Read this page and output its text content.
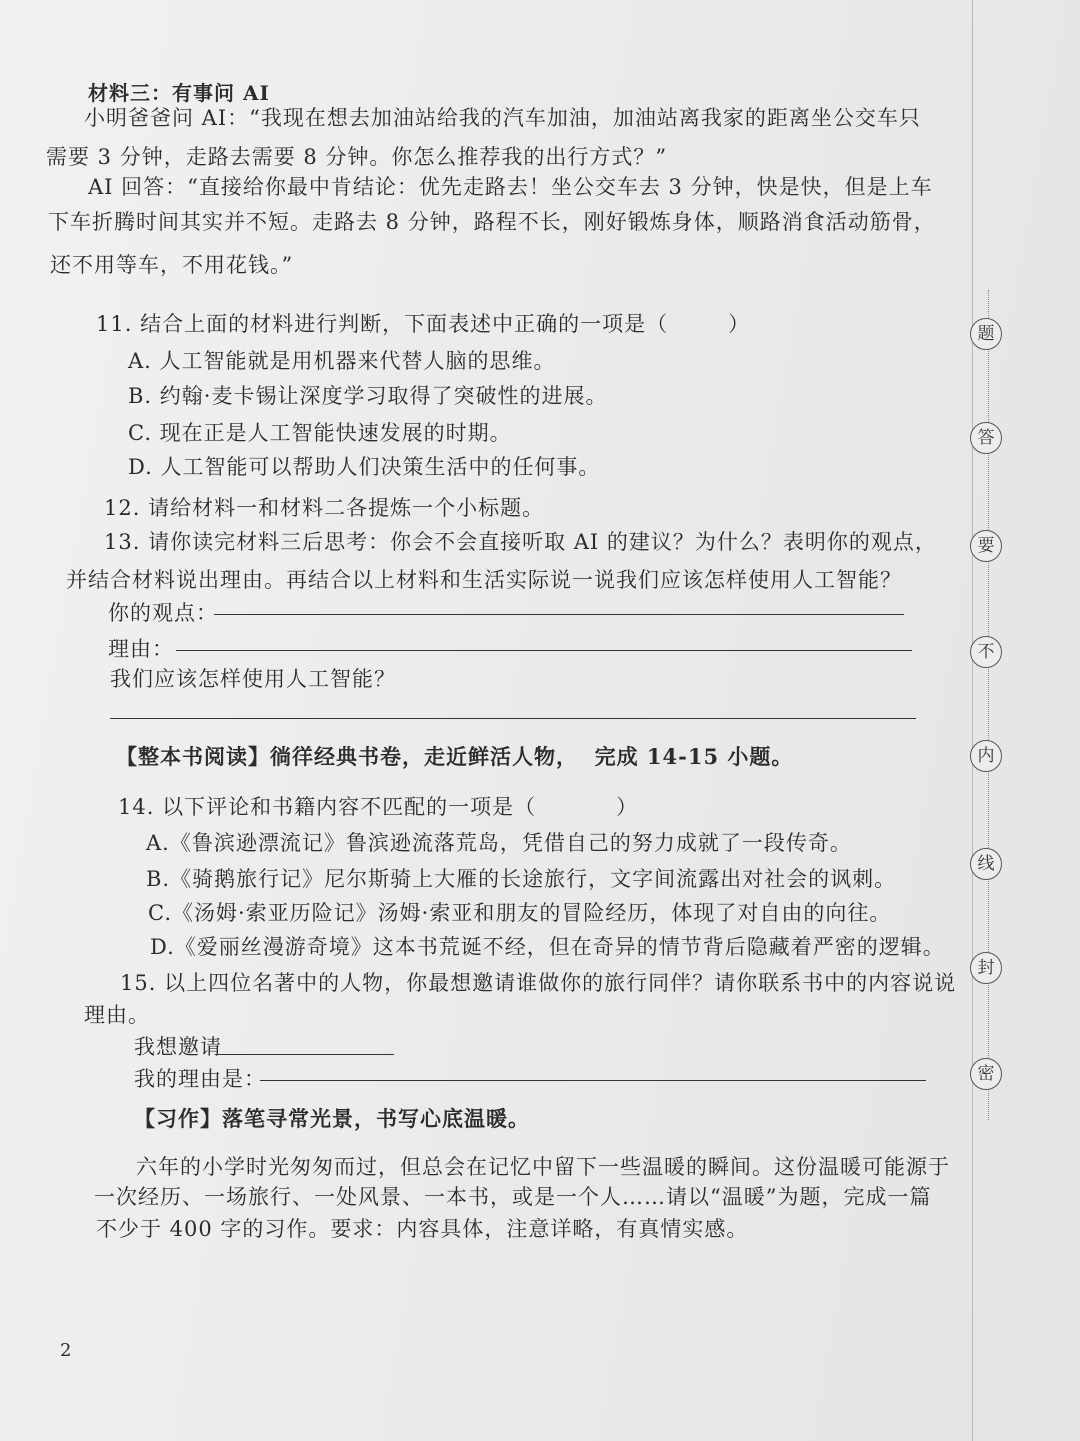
材料三：有事问 AI
小明爸爸问 AI：“我现在想去加油站给我的汽车加油，加油站离我家的距离坐公交车只
需要 3 分钟，走路去需要 8 分钟。你怎么推荐我的出行方式？”
AI 回答：“直接给你最中肯结论：优先走路去！坐公交车去 3 分钟，快是快，但是上车
下车折腾时间其实并不短。走路去 8 分钟，路程不长，刚好锻炼身体，顺路消食活动筋骨，
还不用等车，不用花钱。”
11. 结合上面的材料进行判断，下面表述中正确的一项是（	）
A. 人工智能就是用机器来代替人脑的思维。
B. 约翰·麦卡锡让深度学习取得了突破性的进展。
C. 现在正是人工智能快速发展的时期。
D. 人工智能可以帮助人们决策生活中的任何事。
12. 请给材料一和材料二各提炼一个小标题。
13. 请你读完材料三后思考：你会不会直接听取 AI 的建议？为什么？表明你的观点，
并结合材料说出理由。再结合以上材料和生活实际说一说我们应该怎样使用人工智能？
你的观点：
理由：
我们应该怎样使用人工智能？
【整本书阅读】徜徉经典书卷，走近鲜活人物， 完成 14-15 小题。
14. 以下评论和书籍内容不匹配的一项是（	）
A.《鲁滨逊漂流记》鲁滨逊流落荒岛，凭借自己的努力成就了一段传奇。
B.《骑鹅旅行记》尼尔斯骑上大雁的长途旅行，文字间流露出对社会的讽刺。
C.《汤姆·索亚历险记》汤姆·索亚和朋友的冒险经历，体现了对自由的向往。
D.《爱丽丝漫游奇境》这本书荒诞不经，但在奇异的情节背后隐藏着严密的逻辑。
15. 以上四位名著中的人物，你最想邀请谁做你的旅行同伴？请你联系书中的内容说说
理由。
我想邀请
我的理由是：
【习作】落笔寻常光景，书写心底温暖。
六年的小学时光匆匆而过，但总会在记忆中留下一些温暖的瞬间。这份温暖可能源于
一次经历、一场旅行、一处风景、一本书，或是一个人……请以“温暖”为题，完成一篇
不少于 400 字的习作。要求：内容具体，注意详略，有真情实感。
2
题
答
要
不
内
线
封
密
